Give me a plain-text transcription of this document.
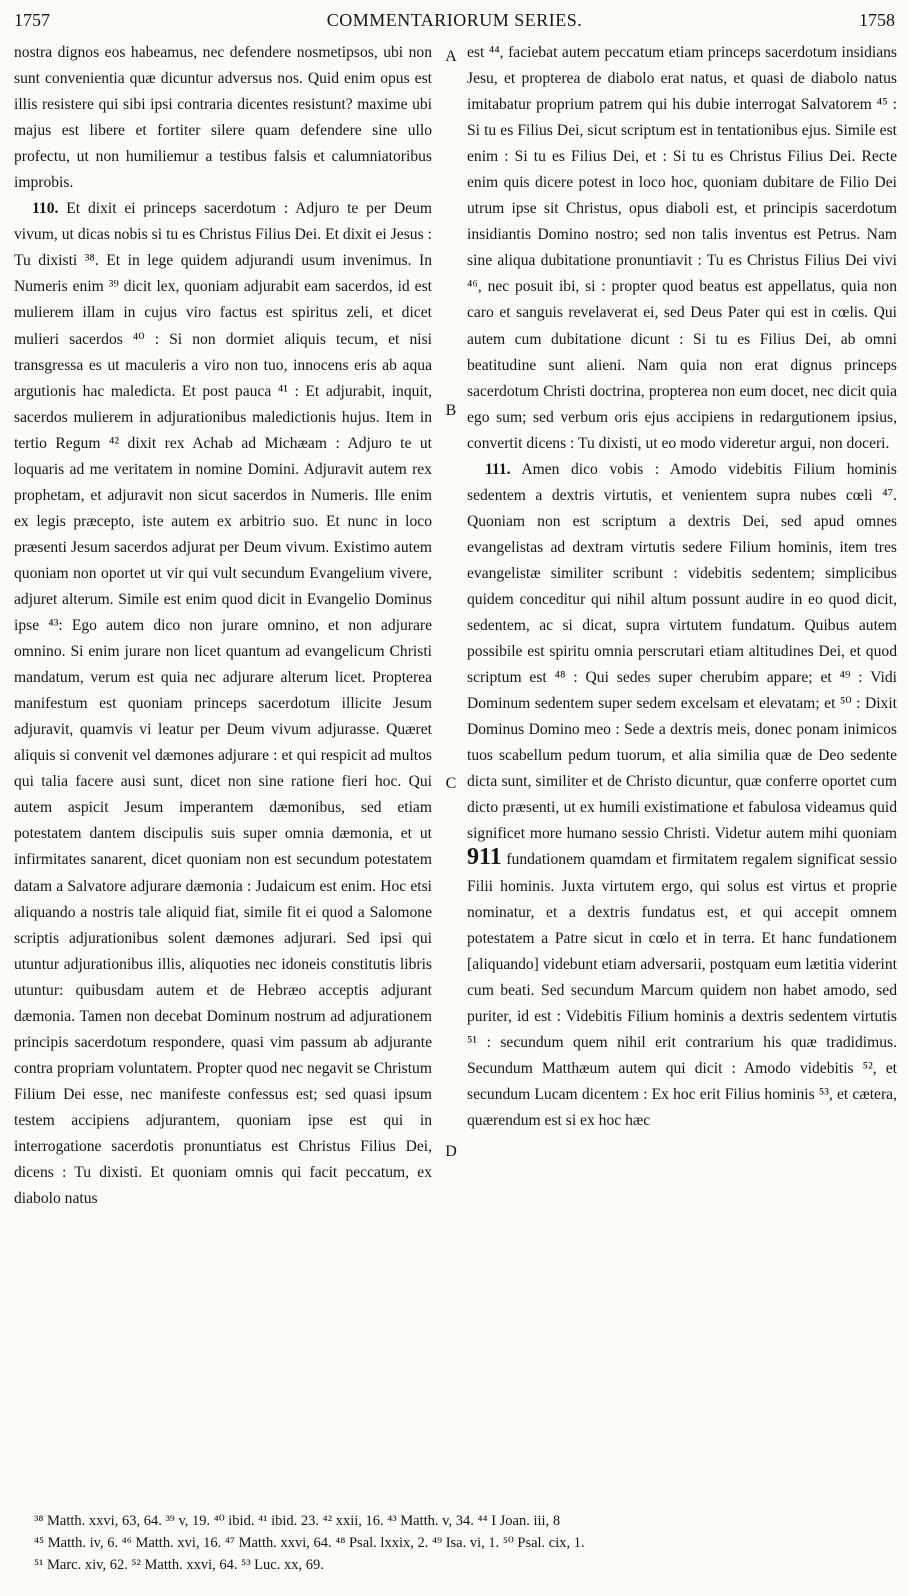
1757	COMMENTARIORUM SERIES.	1758

nostra dignos eos habeamus, nec defendere nosmetipsos, ubi non sunt convenientia quæ dicuntur adversus nos. Quid enim opus est illis resistere qui sibi ipsi contraria dicentes resistunt? maxime ubi majus est libere et fortiter silere quam defendere sine ullo profectu, ut non humiliemur a testibus falsis et calumniatoribus improbis.

110. Et dixit ei princeps sacerdotum : Adjuro te per Deum vivum, ut dicas nobis si tu es Christus Filius Dei. Et dixit ei Jesus : Tu dixisti ³⁸. Et in lege quidem adjurandi usum invenimus. In Numeris enim ³⁹ dicit lex, quoniam adjurabit eam sacerdos, id est mulierem illam in cujus viro factus est spiritus zeli, et dicet mulieri sacerdos ⁴⁰ : Si non dormiet aliquis tecum, et nisi transgressa es ut maculeris a viro non tuo, innocens eris ab aqua argutionis hac maledicta. Et post pauca ⁴¹ : Et adjurabit, inquit, sacerdos mulierem in adjurationibus maledictionis hujus. Item in tertio Regum ⁴² dixit rex Achab ad Michæam : Adjuro te ut loquaris ad me veritatem in nomine Domini. Adjuravit autem rex prophetam, et adjuravit non sicut sacerdos in Numeris. Ille enim ex legis præcepto, iste autem ex arbitrio suo. Et nunc in loco præsenti Jesum sacerdos adjurat per Deum vivum. Existimo autem quoniam non oportet ut vir qui vult secundum Evangelium vivere, adjuret alterum. Simile est enim quod dicit in Evangelio Dominus ipse ⁴³: Ego autem dico non jurare omnino, et non adjurare omnino. Si enim jurare non licet quantum ad evangelicum Christi mandatum, verum est quia nec adjurare alterum licet. Propterea manifestum est quoniam princeps sacerdotum illicite Jesum adjuravit, quamvis vi leatur per Deum vivum adjurasse. Quæret aliquis si convenit vel dæmones adjurare : et qui respicit ad multos qui talia facere ausi sunt, dicet non sine ratione fieri hoc. Qui autem aspicit Jesum imperantem dæmonibus, sed etiam potestatem dantem discipulis suis super omnia dæmonia, et ut infirmitates sanarent, dicet quoniam non est secundum potestatem datam a Salvatore adjurare dæmonia : Judaicum est enim. Hoc etsi aliquando a nostris tale aliquid fiat, simile fit ei quod a Salomone scriptis adjurationibus solent dæmones adjurari. Sed ipsi qui utuntur adjurationibus illis, aliquoties nec idoneis constitutis libris utuntur: quibusdam autem et de Hebræo acceptis adjurant dæmonia. Tamen non decebat Dominum nostrum ad adjurationem principis sacerdotum respondere, quasi vim passum ab adjurante contra propriam voluntatem. Propter quod nec negavit se Christum Filium Dei esse, nec manifeste confessus est; sed quasi ipsum testem accipiens adjurantem, quoniam ipse est qui in interrogatione sacerdotis pronuntiatus est Christus Filius Dei, dicens : Tu dixisti. Et quoniam omnis qui facit peccatum, ex diabolo natus

A
B
C
D

est ⁴⁴, faciebat autem peccatum etiam princeps sacerdotum insidians Jesu, et propterea de diabolo erat natus, et quasi de diabolo natus imitabatur proprium patrem qui his dubie interrogat Salvatorem ⁴⁵ : Si tu es Filius Dei, sicut scriptum est in tentationibus ejus. Simile est enim : Si tu es Filius Dei, et : Si tu es Christus Filius Dei. Recte enim quis dicere potest in loco hoc, quoniam dubitare de Filio Dei utrum ipse sit Christus, opus diaboli est, et principis sacerdotum insidiantis Domino nostro; sed non talis inventus est Petrus. Nam sine aliqua dubitatione pronuntiavit : Tu es Christus Filius Dei vivi ⁴⁶, nec posuit ibi, si : propter quod beatus est appellatus, quia non caro et sanguis revelaverat ei, sed Deus Pater qui est in cœlis. Qui autem cum dubitatione dicunt : Si tu es Filius Dei, ab omni beatitudine sunt alieni. Nam quia non erat dignus princeps sacerdotum Christi doctrina, propterea non eum docet, nec dicit quia ego sum; sed verbum oris ejus accipiens in redargutionem ipsius, convertit dicens : Tu dixisti, ut eo modo videretur argui, non doceri.

111. Amen dico vobis : Amodo videbitis Filium hominis sedentem a dextris virtutis, et venientem supra nubes cœli ⁴⁷. Quoniam non est scriptum a dextris Dei, sed apud omnes evangelistas ad dextram virtutis sedere Filium hominis, item tres evangelistæ similiter scribunt : videbitis sedentem; simplicibus quidem conceditur qui nihil altum possunt audire in eo quod dicit, sedentem, ac si dicat, supra virtutem fundatum. Quibus autem possibile est spiritu omnia perscrutari etiam altitudines Dei, et quod scriptum est ⁴⁸ : Qui sedes super cherubim appare; et ⁴⁹ : Vidi Dominum sedentem super sedem excelsam et elevatam; et ⁵⁰ : Dixit Dominus Domino meo : Sede a dextris meis, donec ponam inimicos tuos scabellum pedum tuorum, et alia similia quæ de Deo sedente dicta sunt, similiter et de Christo dicuntur, quæ conferre oportet cum dicto præsenti, ut ex humili existimatione et fabulosa videamus quid significet more humano sessio Christi. Videtur autem mihi quoniam 911 fundationem quamdam et firmitatem regalem significat sessio Filii hominis. Juxta virtutem ergo, qui solus est virtus et proprie nominatur, et a dextris fundatus est, et qui accepit omnem potestatem a Patre sicut in cœlo et in terra. Et hanc fundationem [aliquando] videbunt etiam adversarii, postquam eum lætitia viderint cum beati. Sed secundum Marcum quidem non habet amodo, sed puriter, id est : Videbitis Filium hominis a dextris sedentem virtutis ⁵¹ : secundum quem nihil erit contrarium his quæ tradidimus. Secundum Matthæum autem qui dicit : Amodo videbitis ⁵², et secundum Lucam dicentem : Ex hoc erit Filius hominis ⁵³, et cætera, quærendum est si ex hoc hæc

³⁸ Matth. xxvi, 63, 64. ³⁹ v, 19. ⁴⁰ ibid. ⁴¹ ibid. 23. ⁴² xxii, 16. ⁴³ Matth. v, 34. ⁴⁴ I Joan. iii, 8
⁴⁵ Matth. iv, 6. ⁴⁶ Matth. xvi, 16. ⁴⁷ Matth. xxvi, 64. ⁴⁸ Psal. lxxix, 2. ⁴⁹ Isa. vi, 1. ⁵⁰ Psal. cix, 1.
⁵¹ Marc. xiv, 62. ⁵² Matth. xxvi, 64. ⁵³ Luc. xx, 69.
